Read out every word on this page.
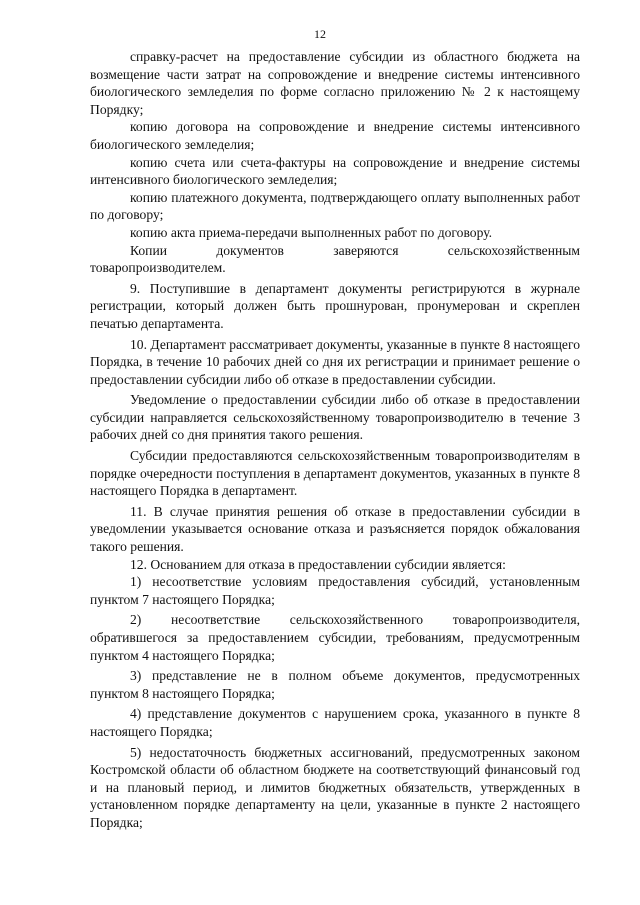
12

справку-расчет на предоставление субсидии из областного бюджета на возмещение части затрат на сопровождение и внедрение системы интенсивного биологического земледелия по форме согласно приложению № 2 к настоящему Порядку;

копию договора на сопровождение и внедрение системы интенсивного биологического земледелия;

копию счета или счета-фактуры на сопровождение и внедрение системы интенсивного биологического земледелия;

копию платежного документа, подтверждающего оплату выполненных работ по договору;

копию акта приема-передачи выполненных работ по договору.

Копии документов заверяются сельскохозяйственным товаропроизводителем.

9. Поступившие в департамент документы регистрируются в журнале регистрации, который должен быть прошнурован, пронумерован и скреплен печатью департамента.

10. Департамент рассматривает документы, указанные в пункте 8 настоящего Порядка, в течение 10 рабочих дней со дня их регистрации и принимает решение о предоставлении субсидии либо об отказе в предоставлении субсидии.

Уведомление о предоставлении субсидии либо об отказе в предоставлении субсидии направляется сельскохозяйственному товаропроизводителю в течение 3 рабочих дней со дня принятия такого решения.

Субсидии предоставляются сельскохозяйственным товаропроизводителям в порядке очередности поступления в департамент документов, указанных в пункте 8 настоящего Порядка в департамент.

11. В случае принятия решения об отказе в предоставлении субсидии в уведомлении указывается основание отказа и разъясняется порядок обжалования такого решения.

12. Основанием для отказа в предоставлении субсидии является:

1) несоответствие условиям предоставления субсидий, установленным пунктом 7 настоящего Порядка;

2) несоответствие сельскохозяйственного товаропроизводителя, обратившегося за предоставлением субсидии, требованиям, предусмотренным пунктом 4 настоящего Порядка;

3) представление не в полном объеме документов, предусмотренных пунктом 8 настоящего Порядка;

4) представление документов с нарушением срока, указанного в пункте 8 настоящего Порядка;

5) недостаточность бюджетных ассигнований, предусмотренных законом Костромской области об областном бюджете на соответствующий финансовый год и на плановый период, и лимитов бюджетных обязательств, утвержденных в установленном порядке департаменту на цели, указанные в пункте 2 настоящего Порядка;
